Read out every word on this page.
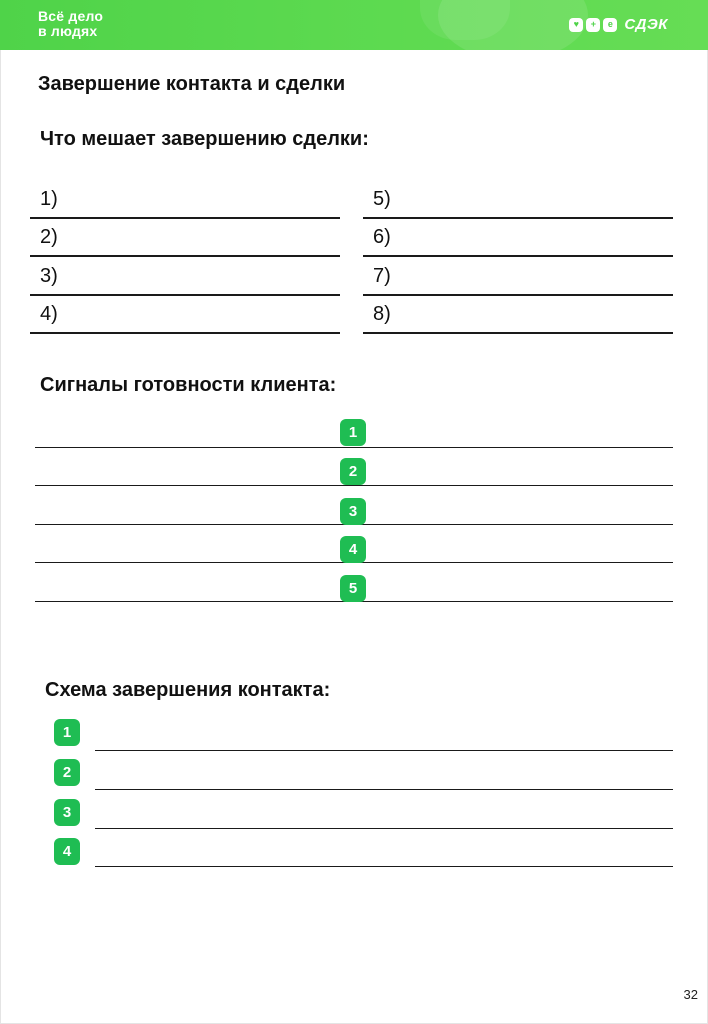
Всё дело
в людях	♥	+	e СДЭК
Завершение контакта и сделки
Что мешает завершению сделки:
1)
2)
3)
4)
5)
6)
7)
8)
Сигналы готовности клиента:
1
2
3
4
5
Схема завершения контакта:
1
2
3
4
32
